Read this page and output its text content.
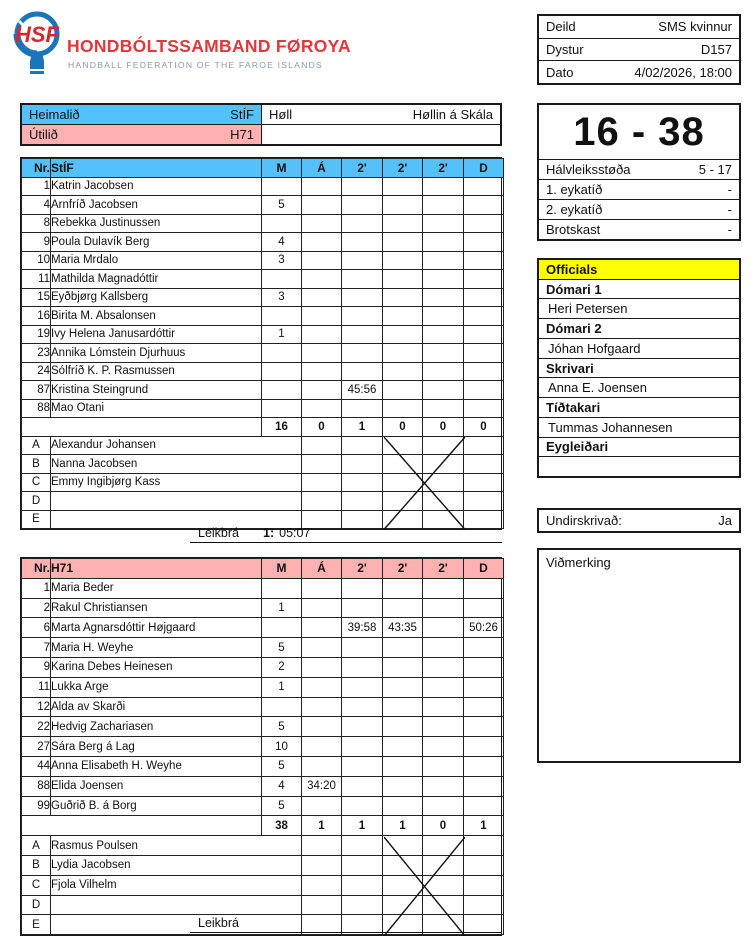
HSF HONDBÓLTSSAMBAND FØROYA
HANDBALL FEDERATION OF THE FAROE ISLANDS
Deild	SMS kvinnur
Dystur	D157
Dato	4/02/2026, 18:00
Heimalið	StÍF Høll	Høllin á Skála
Útilið	H71	16 - 38
Hálvleiksstøða	5 - 17
1. eykatíð	-
2. eykatíð	-
Brotskast	-
Officials
Dómari 1
Heri Petersen
Dómari 2
Jóhan Hofgaard
Skrivari
Anna E. Joensen
Tíðtakari
Tummas Johannesen
Eygleiðari
Undirskrivað:	Ja
Viðmerking
Nr.	StÍF	M	Á	2'	2'	2'	D
1	Katrin Jacobsen						
4	Arnfríð Jacobsen	5					
8	Rebekka Justinussen						
9	Poula Dulavík Berg	4					
10	Maria Mrdalo	3					
11	Mathilda Magnadóttir						
15	Eyðbjørg Kallsberg	3					
16	Birita M. Absalonsen						
19	Ivy Helena Janusardóttir	1					
23	Annika Lómstein Djurhuus						
24	Sólfríð K. P. Rasmussen						
87	Kristina Steingrund			45:56			
88	Mao Otani						
		16	0	1	0	0	0
A	Alexandur Johansen						
B	Nanna Jacobsen						
C	Emmy Ingibjørg Kass						
D							
E							
Leikbrá 1: 05:07
Nr.	H71	M	Á	2'	2'	2'	D
1	Maria Beder						
2	Rakul Christiansen	1					
6	Marta Agnarsdóttir Højgaard			39:58	43:35		50:26
7	Maria H. Weyhe	5					
9	Karina Debes Heinesen	2					
11	Lukka Arge	1					
12	Alda av Skarði						
22	Hedvig Zachariasen	5					
27	Sára Berg á Lag	10					
44	Anna Elisabeth H. Weyhe	5					
88	Elida Joensen	4	34:20				
99	Guðrið B. á Borg	5					
		38	1	1	1	0	1
A	Rasmus Poulsen						
B	Lydia Jacobsen						
C	Fjola Vilhelm						
D							
E								Leikbrá
